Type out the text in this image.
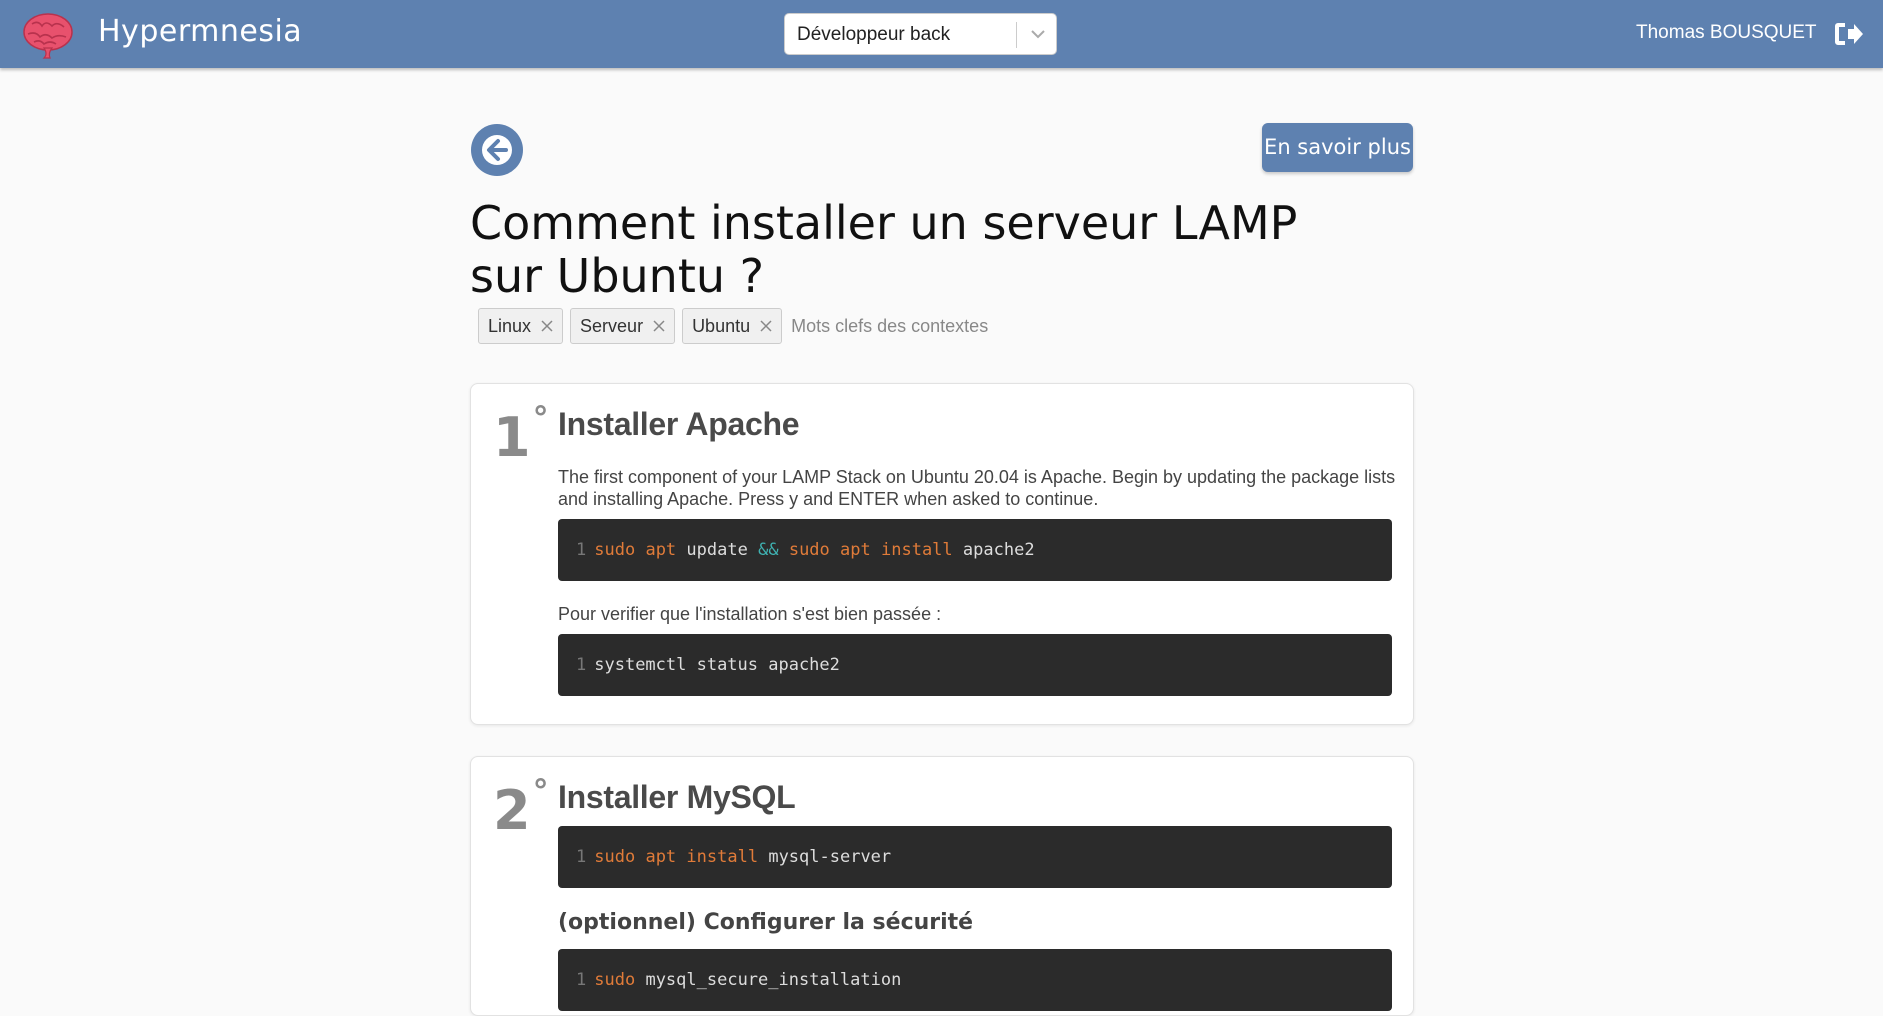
Hypermnesia	Développeur back	Thomas BOUSQUET
En savoir plus
Comment installer un serveur LAMP sur Ubuntu ?
Linux	Serveur	Ubuntu
Mots clefs des contextes
1° Installer Apache
The first component of your LAMP Stack on Ubuntu 20.04 is Apache. Begin by updating the package lists and installing Apache. Press y and ENTER when asked to continue.
1 sudo apt update && sudo apt install apache2
Pour verifier que l'installation s'est bien passée :
1 systemctl status apache2
2° Installer MySQL
1 sudo apt install mysql-server
(optionnel) Configurer la sécurité
1 sudo mysql_secure_installation
